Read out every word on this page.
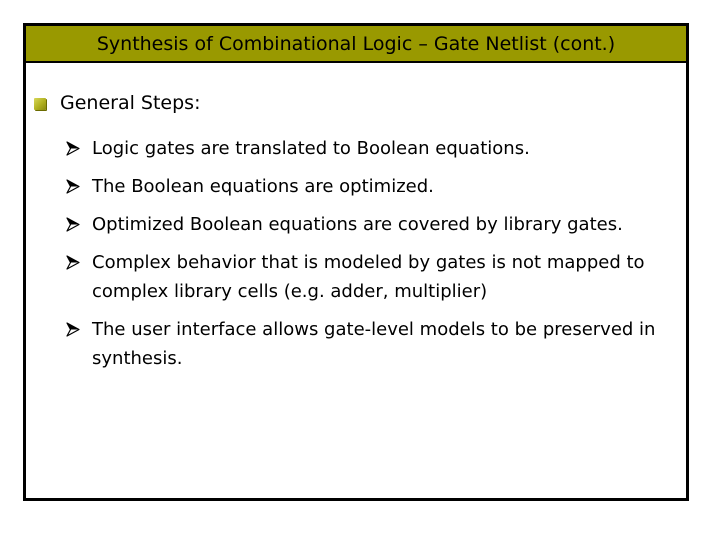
Synthesis of Combinational Logic – Gate Netlist (cont.)
General Steps:
Logic gates are translated to Boolean equations.
The Boolean equations are optimized.
Optimized Boolean equations are covered by library gates.
Complex behavior that is modeled by gates is not mapped to complex library cells (e.g. adder, multiplier)
The user interface allows gate-level models to be preserved in synthesis.
